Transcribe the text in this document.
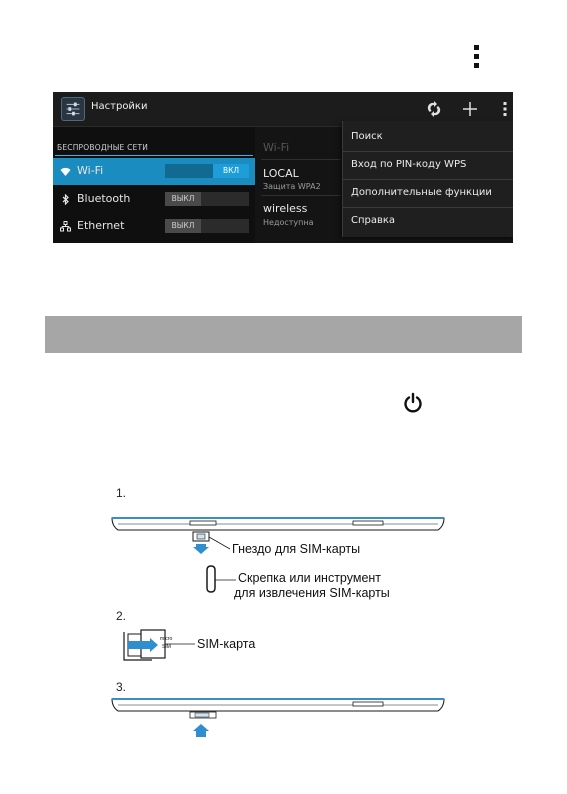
Настройки
БЕСПРОВОДНЫЕ СЕТИ
Wi-Fi	ВКЛ
Bluetooth	ВЫКЛ
Ethernet	ВЫКЛ
Wi-Fi
LOCAL
Защита WPA2
wireless
Недоступна
Поиск
Вход по PIN-коду WPS
Дополнительные функции
Справка
micro
SIM
1.
Гнездо для SIM-карты
Скрепка или инструмент
для извлечения SIM-карты
2.
SIM-карта
3.
